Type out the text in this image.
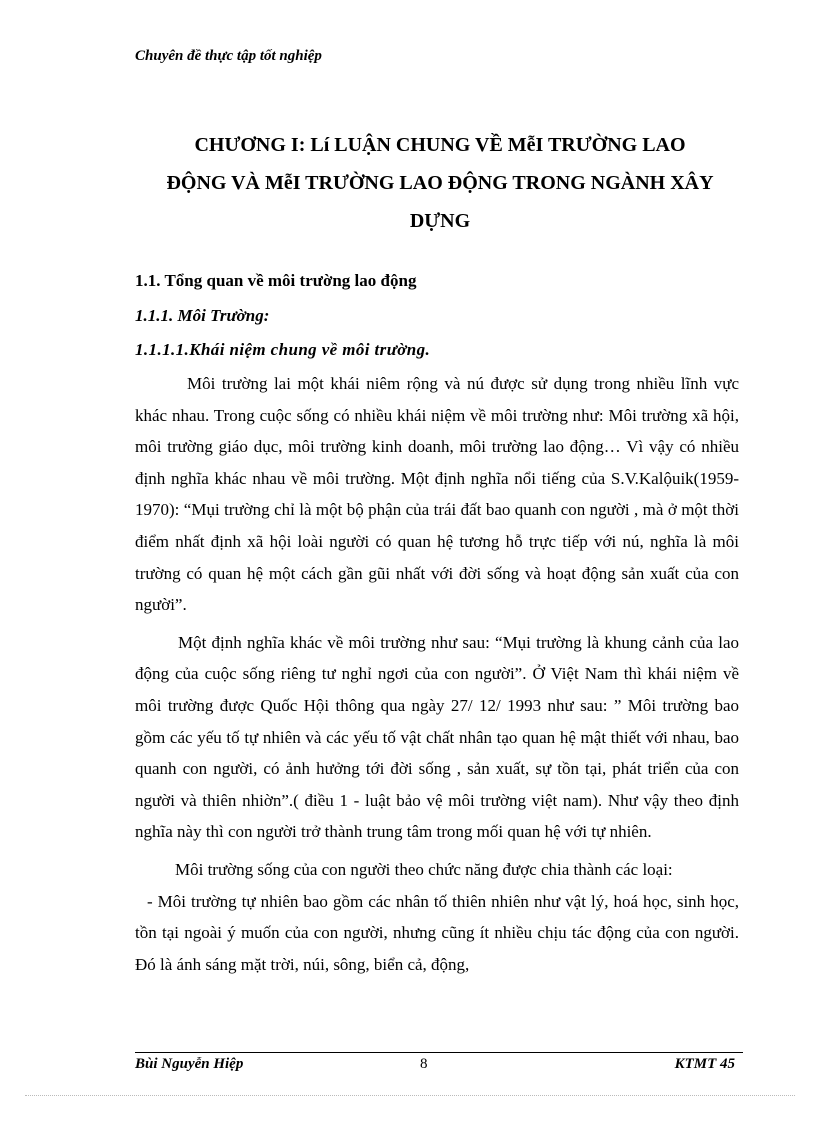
Chuyên đề thực tập tốt nghiệp
CHƯƠNG I: Lí LUẬN CHUNG VỀ MễI TRƯỜNG LAO
ĐỘNG VÀ MễI TRƯỜNG LAO ĐỘNG TRONG NGÀNH XÂY
DỰNG
1.1. Tổng quan về môi trường lao động
1.1.1. Môi Trường:
1.1.1.1.Khái niệm chung về môi trường.

Môi trường lai một khái niêm rộng và nú được sử dụng trong nhiều lĩnh vực khác nhau. Trong cuộc sống có nhiều khái niệm về môi trường như: Môi trường xã hội, môi trường giáo dục, môi trường kinh doanh, môi trường lao động… Vì vậy có nhiều định nghĩa khác nhau về môi trường. Một định nghĩa nổi tiếng của S.V.Kalộuik(1959-1970): “Mụi trường chỉ là một bộ phận của trái đất bao quanh con người , mà ở một thời điểm nhất định xã hội loài người có quan hệ tương hỗ trực tiếp với nú, nghĩa là môi trường có quan hệ một cách gần gũi nhất với đời sống và hoạt động sản xuất của con người”.

Một định nghĩa khác về môi trường như sau: “Mụi trường là khung cảnh của lao động của cuộc sống riêng tư nghỉ ngơi của con người”. Ở Việt Nam thì khái niệm về môi trường được Quốc Hội thông qua ngày 27/ 12/ 1993 như sau: ” Môi trường bao gồm các yếu tố tự nhiên và các yếu tố vật chất nhân tạo quan hệ mật thiết với nhau, bao quanh con người, có ảnh hưởng tới đời sống , sản xuất, sự tồn tại, phát triển của con người và thiên nhiờn”.( điều 1 - luật bảo vệ môi trường việt nam). Như vậy theo định nghĩa này thì con người trở thành trung tâm trong mối quan hệ với tự nhiên.

Môi trường sống của con người theo chức năng được chia thành các loại:

- Môi trường tự nhiên bao gồm các nhân tố thiên nhiên như vật lý, hoá học, sinh học, tồn tại ngoài ý muốn của con người, nhưng cũng ít nhiều chịu tác động của con người. Đó là ánh sáng mặt trời, núi, sông, biển cả, động,

Bùi Nguyễn Hiệp	8	KTMT 45
